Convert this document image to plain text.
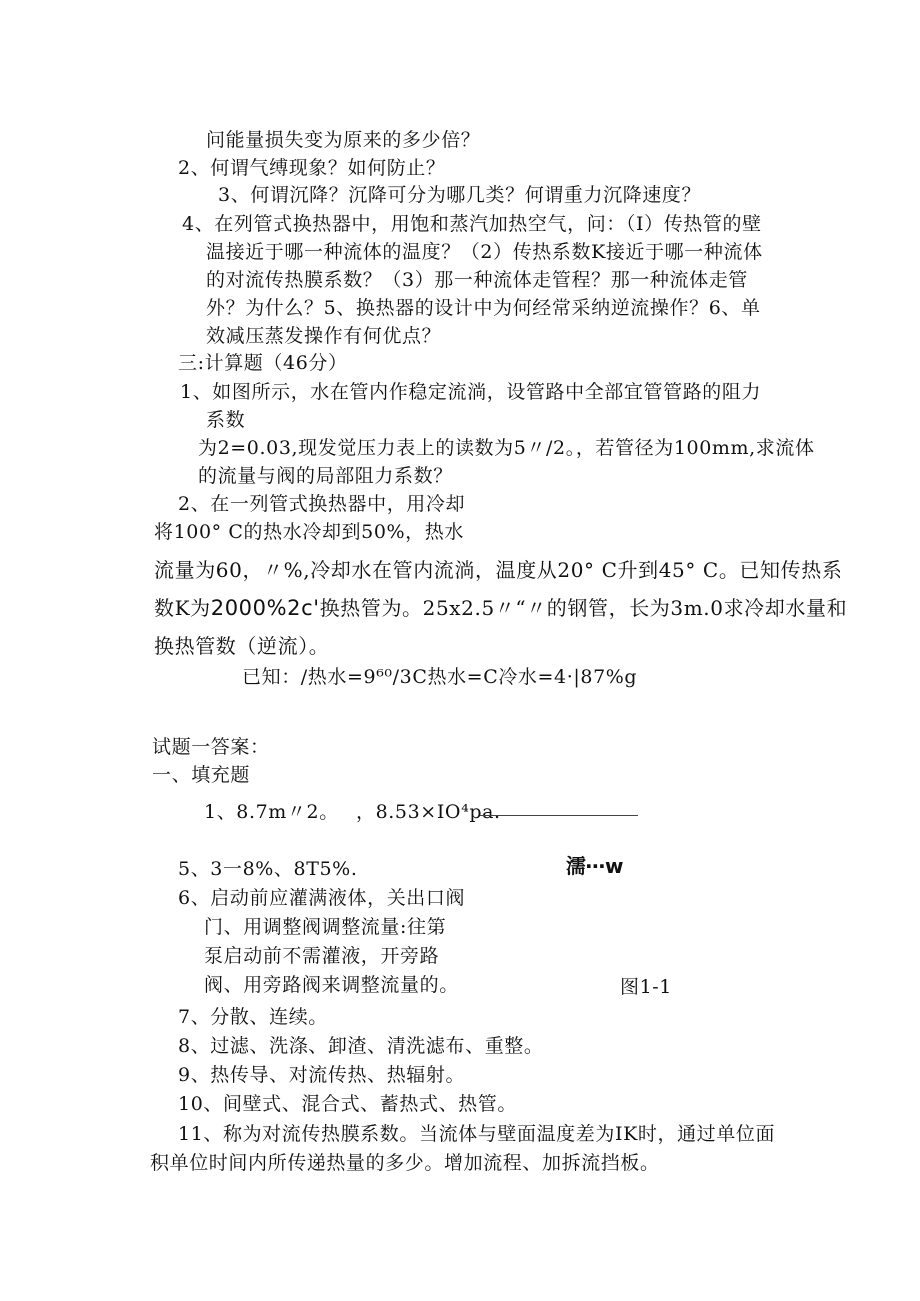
问能量损失变为原来的多少倍？
2、何谓气缚现象？如何防止？
3、何谓沉降？沉降可分为哪几类？何谓重力沉降速度？
4、在列管式换热器中，用饱和蒸汽加热空气，问：（I）传热管的壁
温接近于哪一种流体的温度？（2）传热系数K接近于哪一种流体
的对流传热膜系数？（3）那一种流体走管程？那一种流体走管
外？为什么？5、换热器的设计中为何经常采纳逆流操作？6、单
效减压蒸发操作有何优点？
三:计算题（46分）
1、如图所示，水在管内作稳定流淌，设管路中全部宜管管路的阻力
系数
为2=0.03,现发觉压力表上的读数为5〃/2。，若管径为100mm,求流体
的流量与阀的局部阻力系数？
2、在一列管式换热器中，用冷却
将100° C的热水冷却到50%，热水
流量为60，〃%,冷却水在管内流淌，温度从20° C升到45° C。已知传热系
数K为2000%2c'换热管为。25x2.5〃“〃的钢管，长为3m.0求冷却水量和
换热管数（逆流）。
已知：/热水=9⁶⁰/3C热水=C冷水=4·|87%g
试题一答案：
一、填充题
1、8.7m〃2。 ，8.53×IO⁴pa.
5、3一8%、8T5%.	濡⋯w
6、启动前应灌满液体，关出口阀
门、用调整阀调整流量:往第
泵启动前不需灌液，开旁路
阀、用旁路阀来调整流量的。	图1-1
7、分散、连续。
8、过滤、洗涤、卸渣、清洗滤布、重整。
9、热传导、对流传热、热辐射。
10、间壁式、混合式、蓄热式、热管。
11、称为对流传热膜系数。当流体与壁面温度差为IK时，通过单位面
积单位时间内所传递热量的多少。增加流程、加拆流挡板。
